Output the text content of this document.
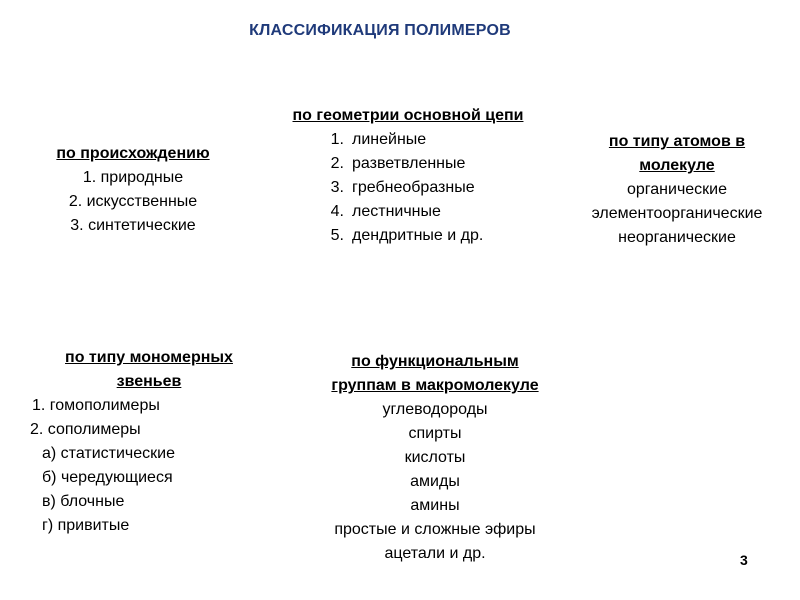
КЛАССИФИКАЦИЯ ПОЛИМЕРОВ
по происхождению
1. природные
2. искусственные
3. синтетические
по геометрии основной цепи
1. линейные
2. разветвленные
3. гребнеобразные
4. лестничные
5. дендритные и др.
по типу атомов в
молекуле
органические
элементоорганические
неорганические
по типу мономерных
звеньев
1. гомополимеры
2. сополимеры
а) статистические
б) чередующиеся
в) блочные
г) привитые
по функциональным
группам в макромолекуле
углеводороды
спирты
кислоты
амиды
амины
простые и сложные эфиры
ацетали и др.	3
